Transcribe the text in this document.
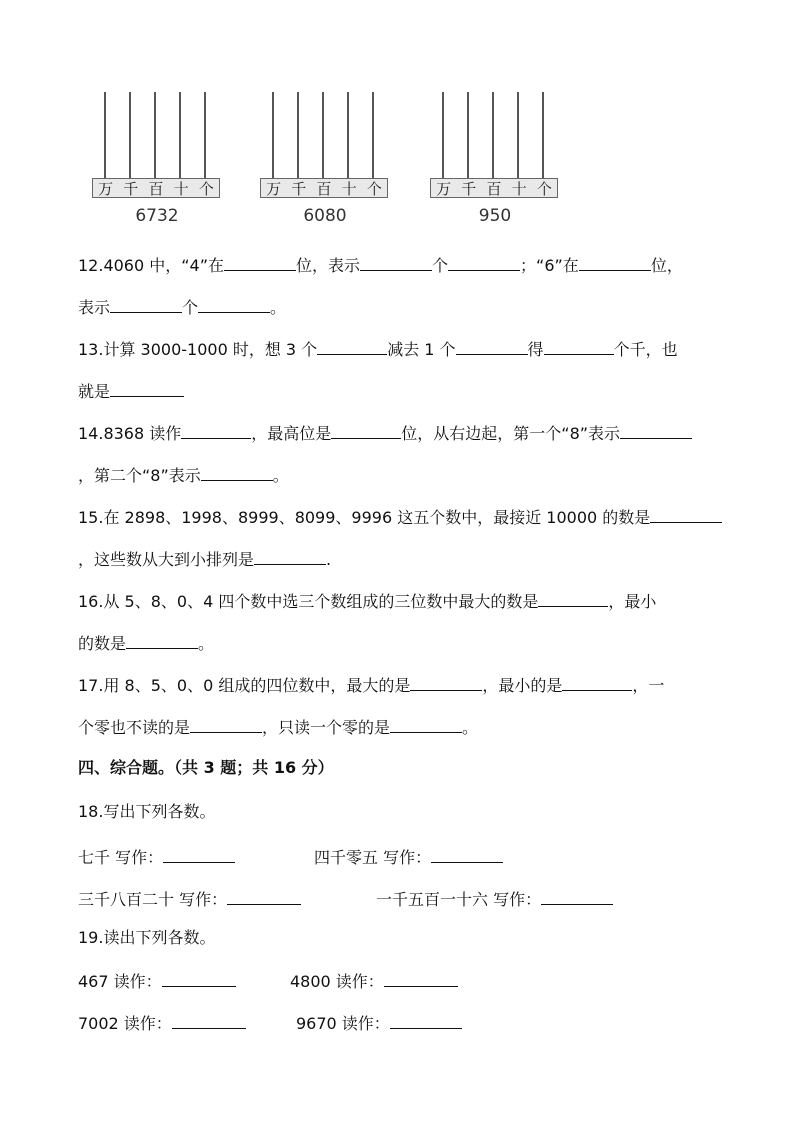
万 千 百 十 个
6732
万 千 百 十 个
6080
万 千 百 十 个
950
12.4060 中，“4”在	位，表示	个	；“6”在	位，
表示	个	。
13.计算 3000-1000 时，想 3 个	减去 1 个	得	个千，也
就是
14.8368 读作	，最高位是	位，从右边起，第一个“8”表示
，第二个“8”表示	。
15.在 2898、1998、8999、8099、9996 这五个数中，最接近 10000 的数是
，这些数从大到小排列是	.
16.从 5、8、0、4 四个数中选三个数组成的三位数中最大的数是	，最小
的数是	。
17.用 8、5、0、0 组成的四位数中，最大的是	，最小的是	，一
个零也不读的是	，只读一个零的是	。
四、综合题。（共 3 题；共 16 分）
18.写出下列各数。
七千 写作：	四千零五 写作：
三千八百二十 写作：	一千五百一十六 写作：
19.读出下列各数。
467 读作：	4800 读作：
7002 读作：	9670 读作：
